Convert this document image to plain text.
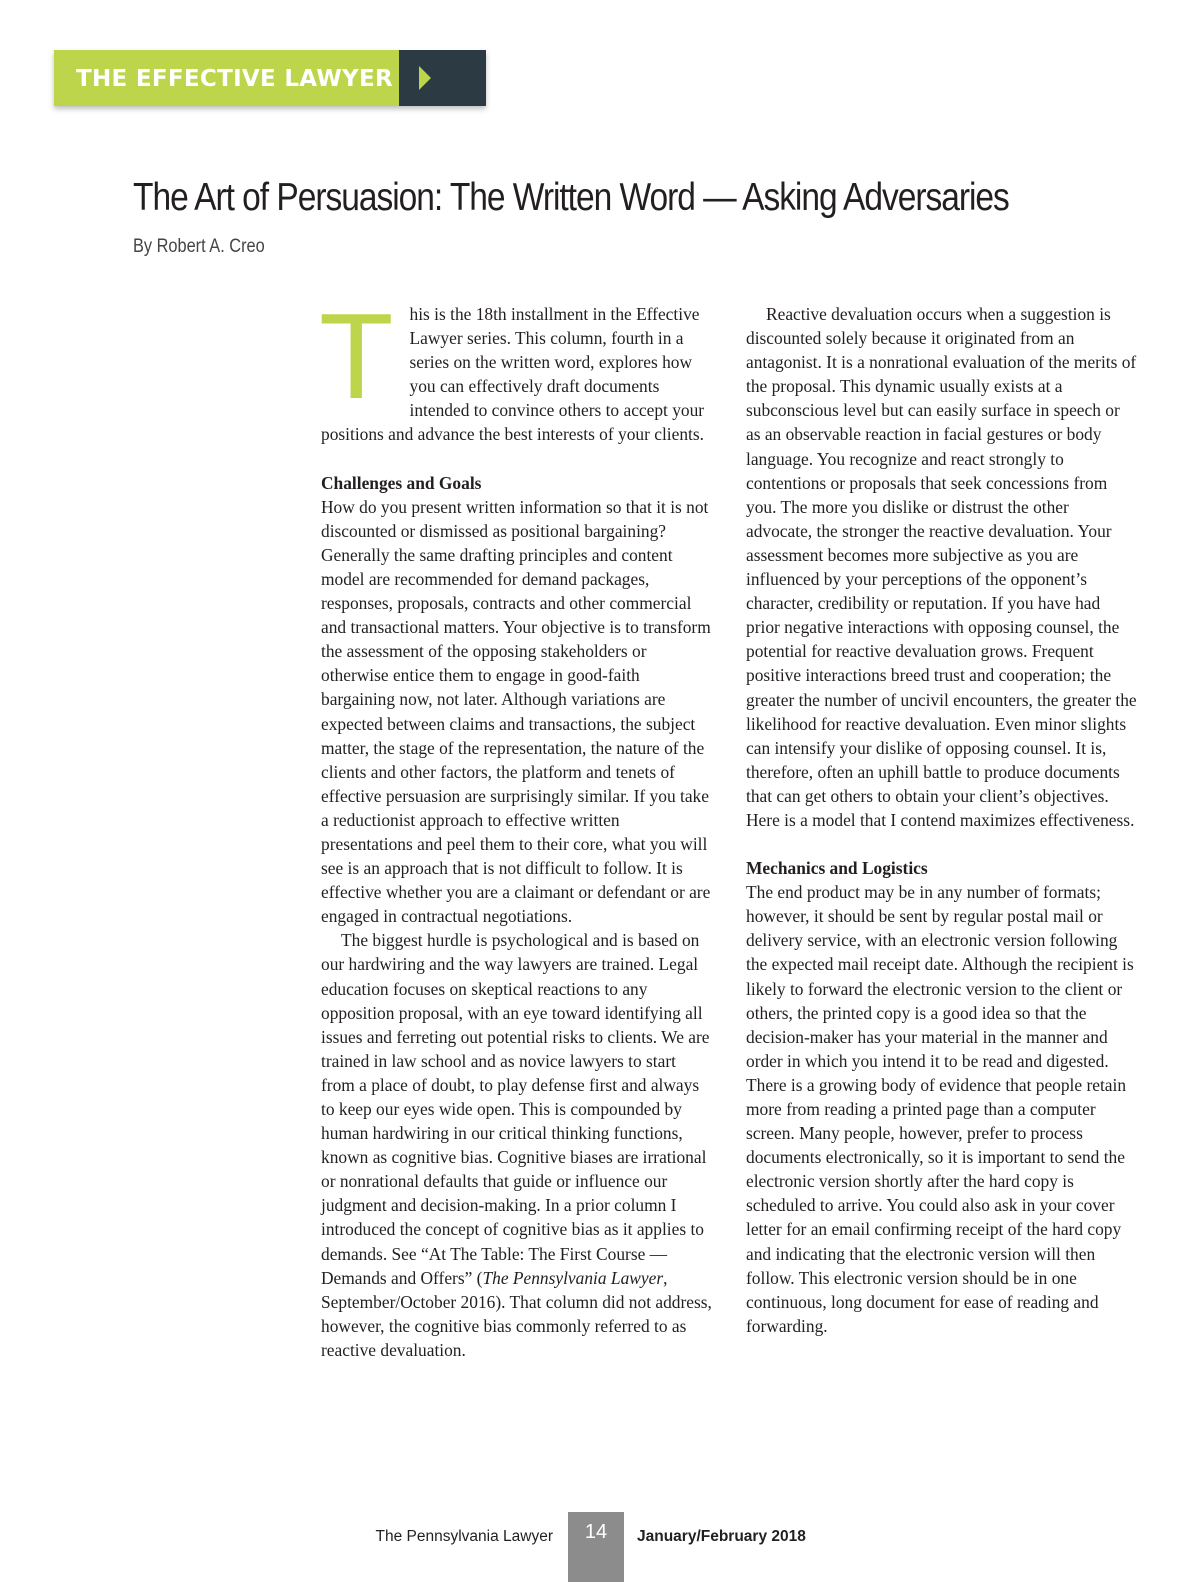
THE EFFECTIVE LAWYER
The Art of Persuasion: The Written Word — Asking Adversaries

By Robert A. Creo

This is the 18th installment in the Effective Lawyer series. This column, fourth in a series on the written word, explores how you can effectively draft documents intended to convince others to accept your positions and advance the best interests of your clients.

Challenges and Goals

How do you present written information so that it is not discounted or dismissed as positional bargaining? Generally the same drafting principles and content model are recommended for demand packages, responses, proposals, contracts and other commercial and transactional matters. Your objective is to transform the assessment of the opposing stakeholders or otherwise entice them to engage in good-faith bargaining now, not later. Although variations are expected between claims and transactions, the subject matter, the stage of the representation, the nature of the clients and other factors, the platform and tenets of effective persuasion are surprisingly similar. If you take a reductionist approach to effective written presentations and peel them to their core, what you will see is an approach that is not difficult to follow. It is effective whether you are a claimant or defendant or are engaged in contractual negotiations.

The biggest hurdle is psychological and is based on our hardwiring and the way lawyers are trained. Legal education focuses on skeptical reactions to any opposition proposal, with an eye toward identifying all issues and ferreting out potential risks to clients. We are trained in law school and as novice lawyers to start from a place of doubt, to play defense first and always to keep our eyes wide open. This is compounded by human hardwiring in our critical thinking functions, known as cognitive bias. Cognitive biases are irrational or nonrational defaults that guide or influence our judgment and decision-making. In a prior column I introduced the concept of cognitive bias as it applies to demands. See “At The Table: The First Course — Demands and Offers” (The Pennsylvania Lawyer, September/October 2016). That column did not address, however, the cognitive bias commonly referred to as reactive devaluation.

Reactive devaluation occurs when a suggestion is discounted solely because it originated from an antagonist. It is a nonrational evaluation of the merits of the proposal. This dynamic usually exists at a subconscious level but can easily surface in speech or as an observable reaction in facial gestures or body language. You recognize and react strongly to contentions or proposals that seek concessions from you. The more you dislike or distrust the other advocate, the stronger the reactive devaluation. Your assessment becomes more subjective as you are influenced by your perceptions of the opponent’s character, credibility or reputation. If you have had prior negative interactions with opposing counsel, the potential for reactive devaluation grows. Frequent positive interactions breed trust and cooperation; the greater the number of uncivil encounters, the greater the likelihood for reactive devaluation. Even minor slights can intensify your dislike of opposing counsel. It is, therefore, often an uphill battle to produce documents that can get others to obtain your client’s objectives. Here is a model that I contend maximizes effectiveness.

Mechanics and Logistics

The end product may be in any number of formats; however, it should be sent by regular postal mail or delivery service, with an electronic version following the expected mail receipt date. Although the recipient is likely to forward the electronic version to the client or others, the printed copy is a good idea so that the decision-maker has your material in the manner and order in which you intend it to be read and digested. There is a growing body of evidence that people retain more from reading a printed page than a computer screen. Many people, however, prefer to process documents electronically, so it is important to send the electronic version shortly after the hard copy is scheduled to arrive. You could also ask in your cover letter for an email confirming receipt of the hard copy and indicating that the electronic version will then follow. This electronic version should be in one continuous, long document for ease of reading and forwarding.

The Pennsylvania Lawyer	14	January/February 2018
